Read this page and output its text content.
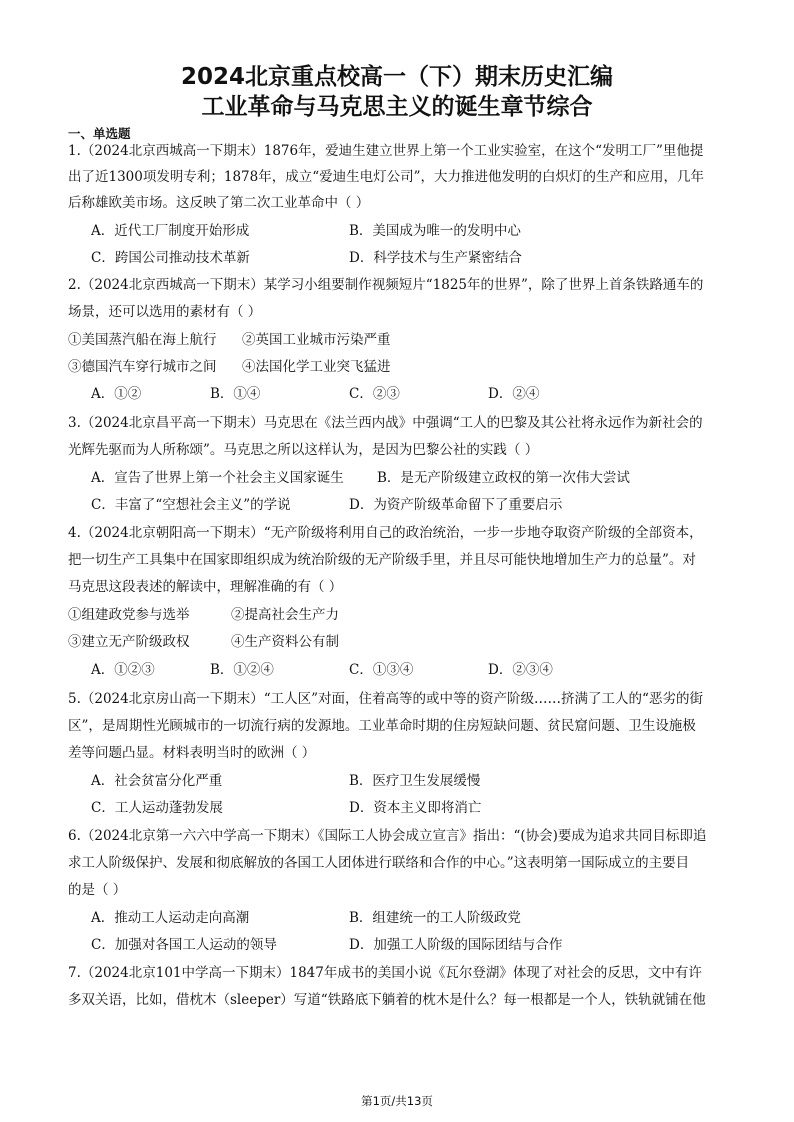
2024北京重点校高一（下）期末历史汇编
工业革命与马克思主义的诞生章节综合
一、单选题
1.（2024北京西城高一下期末）1876年，爱迪生建立世界上第一个工业实验室，在这个“发明工厂”里他提
出了近1300项发明专利；1878年，成立“爱迪生电灯公司”，大力推进他发明的白炽灯的生产和应用，几年
后称雄欧美市场。这反映了第二次工业革命中（ ）
A．近代工厂制度开始形成	B．美国成为唯一的发明中心
C．跨国公司推动技术革新	D．科学技术与生产紧密结合
2.（2024北京西城高一下期末）某学习小组要制作视频短片“1825年的世界”，除了世界上首条铁路通车的
场景，还可以选用的素材有（ ）
①美国蒸汽船在海上航行 ②英国工业城市污染严重
③德国汽车穿行城市之间 ④法国化学工业突飞猛进
A．①②	B．①④	C．②③	D．②④
3.（2024北京昌平高一下期末）马克思在《法兰西内战》中强调“工人的巴黎及其公社将永远作为新社会的
光辉先驱而为人所称颂”。马克思之所以这样认为，是因为巴黎公社的实践（ ）
A．宣告了世界上第一个社会主义国家诞生 B．是无产阶级建立政权的第一次伟大尝试
C．丰富了“空想社会主义”的学说	D．为资产阶级革命留下了重要启示
4.（2024北京朝阳高一下期末）“无产阶级将利用自己的政治统治，一步一步地夺取资产阶级的全部资本，
把一切生产工具集中在国家即组织成为统治阶级的无产阶级手里，并且尽可能快地增加生产力的总量”。对
马克思这段表述的解读中，理解准确的有（ ）
①组建政党参与选举	②提高社会生产力
③建立无产阶级政权	④生产资料公有制
A．①②③	B．①②④	C．①③④	D．②③④
5.（2024北京房山高一下期末）“工人区”对面，住着高等的或中等的资产阶级……挤满了工人的“恶劣的街
区”，是周期性光顾城市的一切流行病的发源地。工业革命时期的住房短缺问题、贫民窟问题、卫生设施极
差等问题凸显。材料表明当时的欧洲（ ）
A．社会贫富分化严重	B．医疗卫生发展缓慢
C．工人运动蓬勃发展	D．资本主义即将消亡
6.（2024北京第一六六中学高一下期末）《国际工人协会成立宣言》指出：“(协会)要成为追求共同目标即追
求工人阶级保护、发展和彻底解放的各国工人团体进行联络和合作的中心。”这表明第一国际成立的主要目
的是（ ）
A．推动工人运动走向高潮	B．组建统一的工人阶级政党
C．加强对各国工人运动的领导	D．加强工人阶级的国际团结与合作
7.（2024北京101中学高一下期末）1847年成书的美国小说《瓦尔登湖》体现了对社会的反思，文中有许
多双关语，比如，借枕木（sleeper）写道“铁路底下躺着的枕木是什么？每一根都是一个人，铁轨就铺在他
第1页/共13页
